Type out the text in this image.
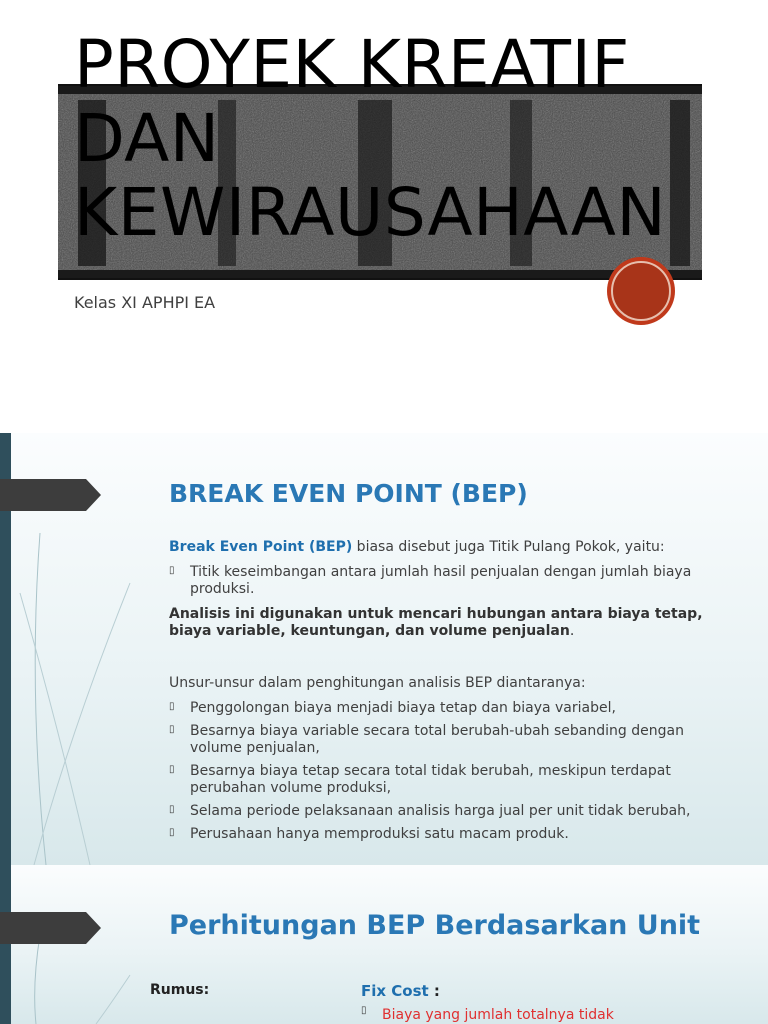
PROYEK KREATIF DAN KEWIRAUSAHAAN
Kelas XI APHPI EA
BREAK EVEN POINT (BEP)
Break Even Point (BEP) biasa disebut juga Titik Pulang Pokok, yaitu:
▯ Titik keseimbangan antara jumlah hasil penjualan dengan jumlah biaya produksi.
Analisis ini digunakan untuk mencari hubungan antara biaya tetap, biaya variable, keuntungan, dan volume penjualan.
Unsur-unsur dalam penghitungan analisis BEP diantaranya:
▯ Penggolongan biaya menjadi biaya tetap dan biaya variabel,
▯ Besarnya biaya variable secara total berubah-ubah sebanding dengan volume penjualan,
▯ Besarnya biaya tetap secara total tidak berubah, meskipun terdapat perubahan volume produksi,
▯ Selama periode pelaksanaan analisis harga jual per unit tidak berubah,
▯ Perusahaan hanya memproduksi satu macam produk.
Perhitungan BEP Berdasarkan Unit
Rumus:	Fix Cost :
▯ Biaya yang jumlah totalnya tidak
